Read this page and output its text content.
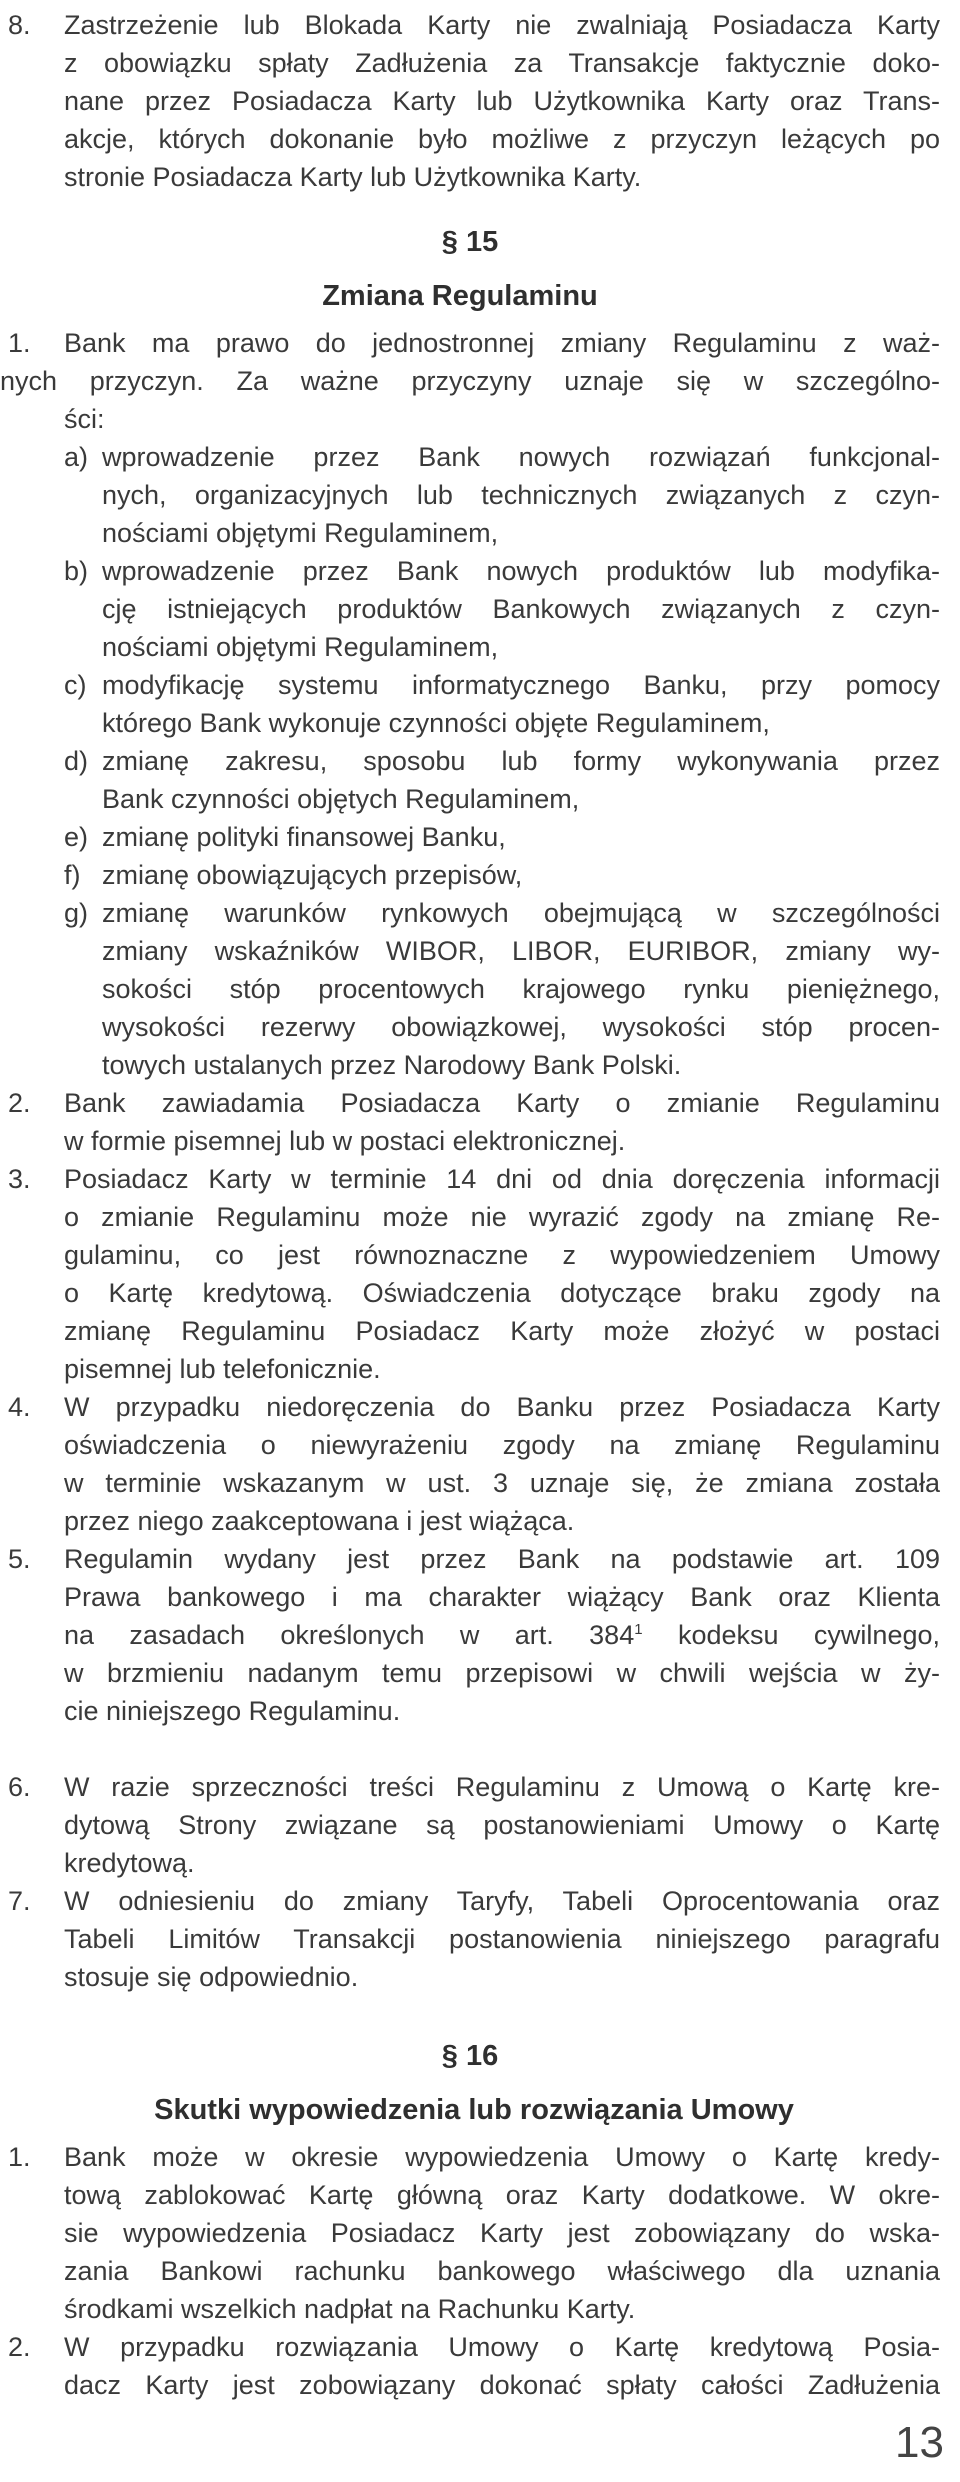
8. Zastrzeżenie lub Blokada Karty nie zwalniają Posiadacza Karty
z obowiązku spłaty Zadłużenia za Transakcje faktycznie doko-
nane przez Posiadacza Karty lub Użytkownika Karty oraz Trans-
akcje, których dokonanie było możliwe z przyczyn leżących po
stronie Posiadacza Karty lub Użytkownika Karty.
§ 15
Zmiana Regulaminu
1. Bank ma prawo do jednostronnej zmiany Regulaminu z waż-
nych przyczyn. Za ważne przyczyny uznaje się w szczególno-
ści:
a) wprowadzenie przez Bank nowych rozwiązań funkcjonal-
nych, organizacyjnych lub technicznych związanych z czyn-
nościami objętymi Regulaminem,
b) wprowadzenie przez Bank nowych produktów lub modyfika-
cję istniejących produktów Bankowych związanych z czyn-
nościami objętymi Regulaminem,
c) modyfikację systemu informatycznego Banku, przy pomocy
którego Bank wykonuje czynności objęte Regulaminem,
d) zmianę zakresu, sposobu lub formy wykonywania przez
Bank czynności objętych Regulaminem,
e) zmianę polityki finansowej Banku,
f) zmianę obowiązujących przepisów,
g) zmianę warunków rynkowych obejmującą w szczególności
zmiany wskaźników WIBOR, LIBOR, EURIBOR, zmiany wy-
sokości stóp procentowych krajowego rynku pieniężnego,
wysokości rezerwy obowiązkowej, wysokości stóp procen-
towych ustalanych przez Narodowy Bank Polski.
2. Bank zawiadamia Posiadacza Karty o zmianie Regulaminu
w formie pisemnej lub w postaci elektronicznej.
3. Posiadacz Karty w terminie 14 dni od dnia doręczenia informacji
o zmianie Regulaminu może nie wyrazić zgody na zmianę Re-
gulaminu, co jest równoznaczne z wypowiedzeniem Umowy
o Kartę kredytową. Oświadczenia dotyczące braku zgody na
zmianę Regulaminu Posiadacz Karty może złożyć w postaci
pisemnej lub telefonicznie.
4. W przypadku niedoręczenia do Banku przez Posiadacza Karty
oświadczenia o niewyrażeniu zgody na zmianę Regulaminu
w terminie wskazanym w ust. 3 uznaje się, że zmiana została
przez niego zaakceptowana i jest wiążąca.
5. Regulamin wydany jest przez Bank na podstawie art. 109
Prawa bankowego i ma charakter wiążący Bank oraz Klienta
na zasadach określonych w art. $384^1$ kodeksu cywilnego,
w brzmieniu nadanym temu przepisowi w chwili wejścia w ży-
cie niniejszego Regulaminu.
6. W razie sprzeczności treści Regulaminu z Umową o Kartę kre-
dytową Strony związane są postanowieniami Umowy o Kartę
kredytową.
7. W odniesieniu do zmiany Taryfy, Tabeli Oprocentowania oraz
Tabeli Limitów Transakcji postanowienia niniejszego paragrafu
stosuje się odpowiednio.
§ 16
Skutki wypowiedzenia lub rozwiązania Umowy
1. Bank może w okresie wypowiedzenia Umowy o Kartę kredy-
tową zablokować Kartę główną oraz Karty dodatkowe. W okre-
sie wypowiedzenia Posiadacz Karty jest zobowiązany do wska-
zania Bankowi rachunku bankowego właściwego dla uznania
środkami wszelkich nadpłat na Rachunku Karty.
2. W przypadku rozwiązania Umowy o Kartę kredytową Posia-
dacz Karty jest zobowiązany dokonać spłaty całości Zadłużenia
13
